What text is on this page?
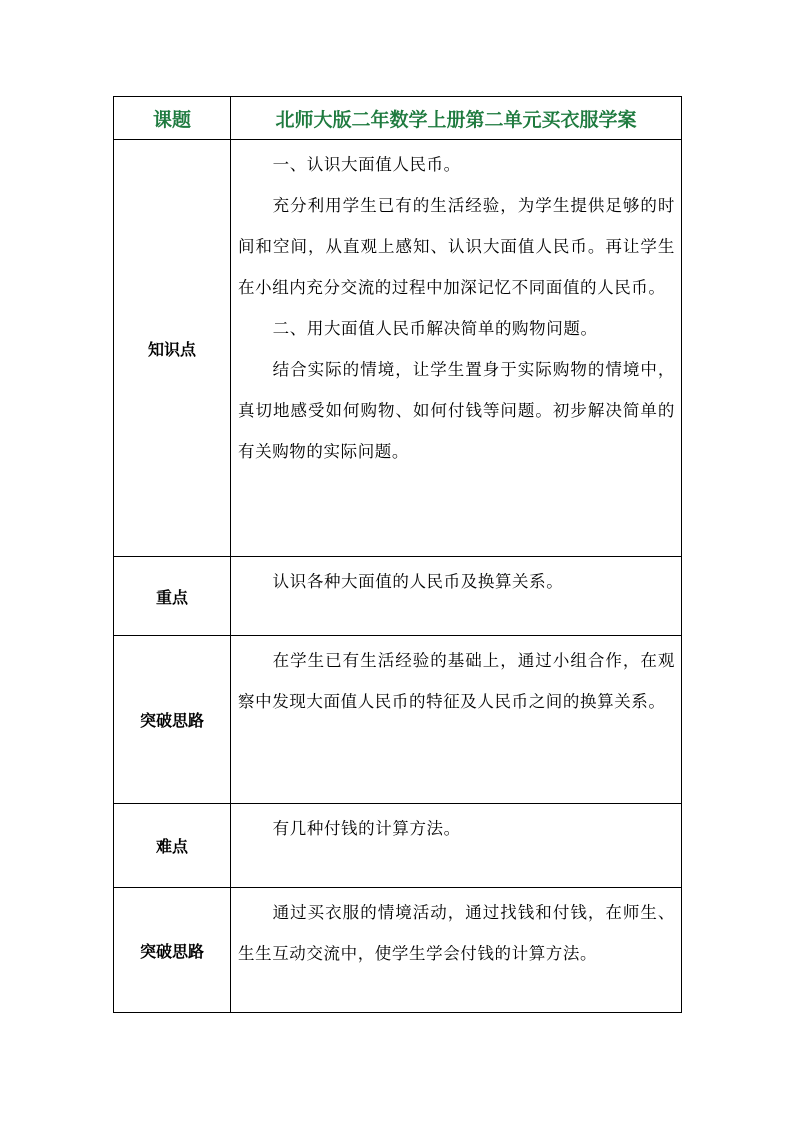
课题	北师大版二年数学上册第二单元买衣服学案
知识点	一、认识大面值人民币。

充分利用学生已有的生活经验，为学生提供足够的时间和空间，从直观上感知、认识大面值人民币。再让学生在小组内充分交流的过程中加深记忆不同面值的人民币。

二、用大面值人民币解决简单的购物问题。

结合实际的情境，让学生置身于实际购物的情境中，真切地感受如何购物、如何付钱等问题。初步解决简单的有关购物的实际问题。

重点	认识各种大面值的人民币及换算关系。

突破思路	在学生已有生活经验的基础上，通过小组合作，在观察中发现大面值人民币的特征及人民币之间的换算关系。

难点	有几种付钱的计算方法。

突破思路	通过买衣服的情境活动，通过找钱和付钱，在师生、生生互动交流中，使学生学会付钱的计算方法。
